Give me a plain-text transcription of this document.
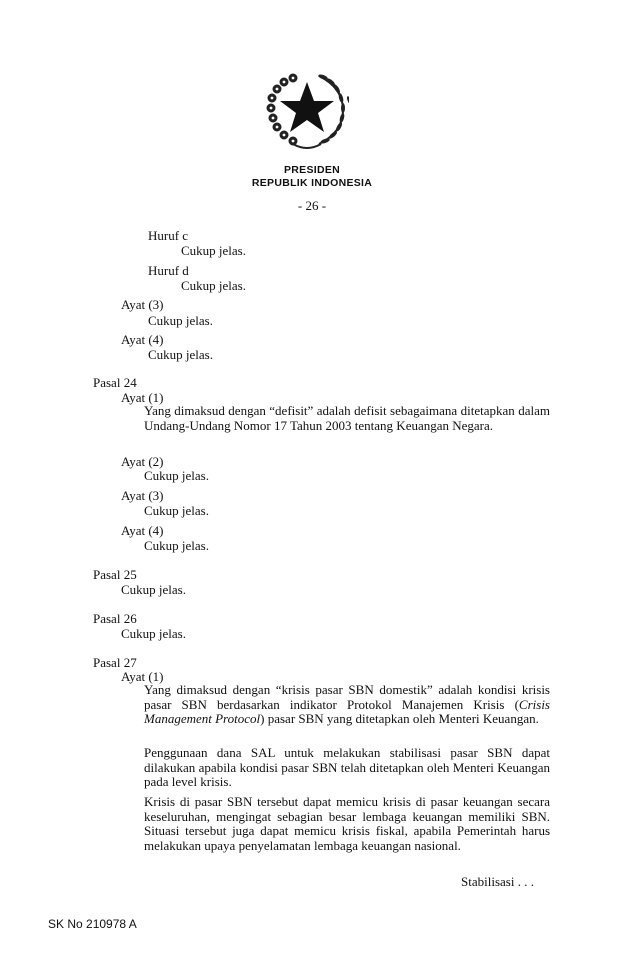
PRESIDEN
REPUBLIK INDONESIA
- 26 -
Huruf c
Cukup jelas.
Huruf d
Cukup jelas.
Ayat (3)
Cukup jelas.
Ayat (4)
Cukup jelas.
Pasal 24
Ayat (1)
Yang dimaksud dengan “defisit” adalah defisit sebagaimana ditetapkan dalam Undang-Undang Nomor 17 Tahun 2003 tentang Keuangan Negara.
Ayat (2)
Cukup jelas.
Ayat (3)
Cukup jelas.
Ayat (4)
Cukup jelas.
Pasal 25
Cukup jelas.
Pasal 26
Cukup jelas.
Pasal 27
Ayat (1)
Yang dimaksud dengan “krisis pasar SBN domestik” adalah kondisi krisis pasar SBN berdasarkan indikator Protokol Manajemen Krisis (Crisis Management Protocol) pasar SBN yang ditetapkan oleh Menteri Keuangan.
Penggunaan dana SAL untuk melakukan stabilisasi pasar SBN dapat dilakukan apabila kondisi pasar SBN telah ditetapkan oleh Menteri Keuangan pada level krisis.
Krisis di pasar SBN tersebut dapat memicu krisis di pasar keuangan secara keseluruhan, mengingat sebagian besar lembaga keuangan memiliki SBN. Situasi tersebut juga dapat memicu krisis fiskal, apabila Pemerintah harus melakukan upaya penyelamatan lembaga keuangan nasional.
Stabilisasi . . .
SK No 210978 A
